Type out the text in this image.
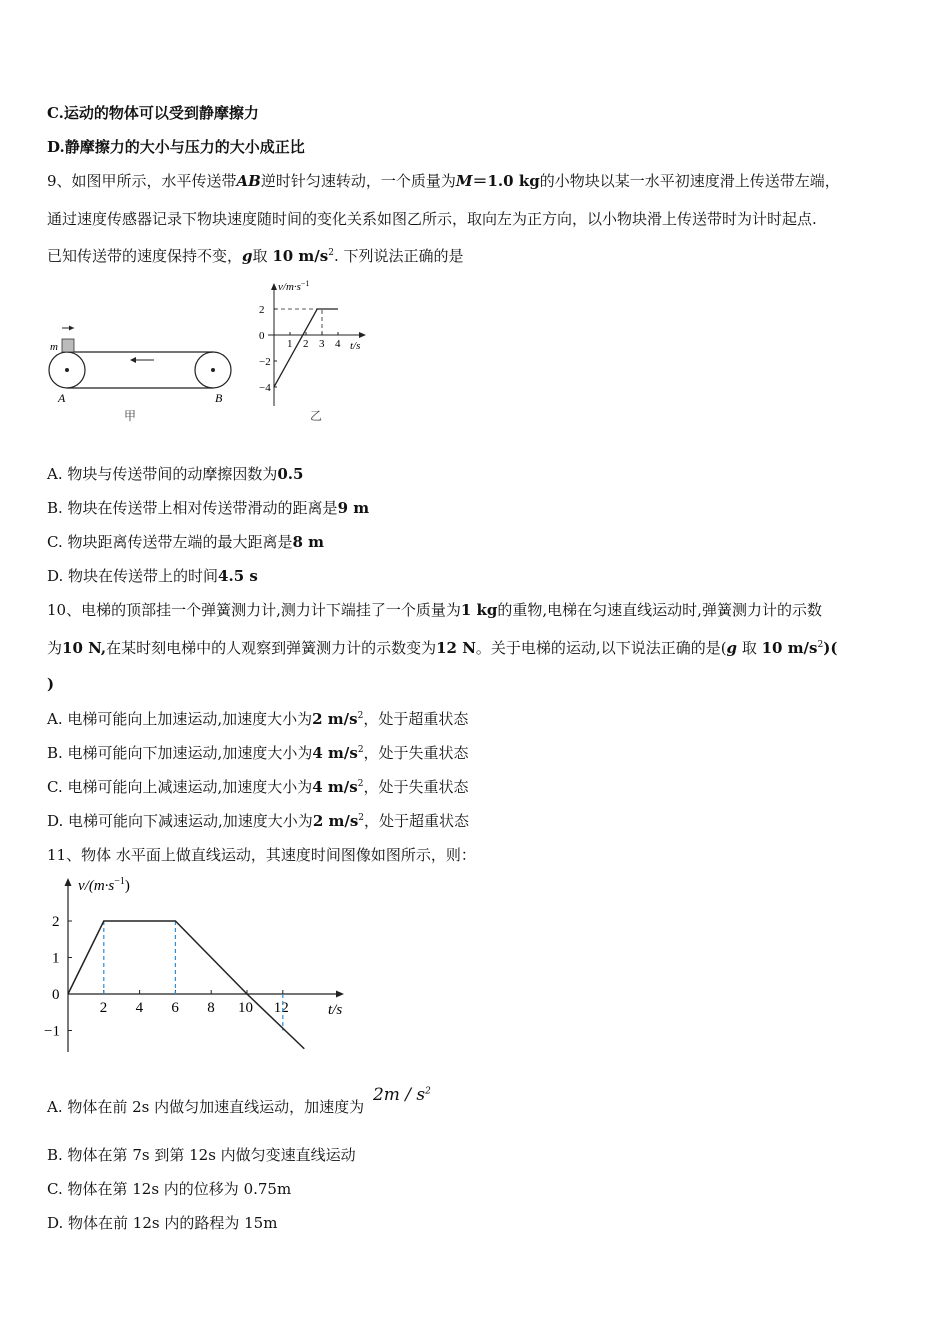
C.运动的物体可以受到静摩擦力
D.静摩擦力的大小与压力的大小成正比
9、如图甲所示，水平传送带AB逆时针匀速转动，一个质量为M＝1.0 kg的小物块以某一水平初速度滑上传送带左端，
通过速度传感器记录下物块速度随时间的变化关系如图乙所示，取向左为正方向，以小物块滑上传送带时为计时起点.
已知传送带的速度保持不变，g取 10 $m/s^2$. 下列说法正确的是
m
A	B
甲
$v/m\cdot s^{-1}$
t/s
1 2 3 4
−4
−2
0
2
乙
A. 物块与传送带间的动摩擦因数为0.5
B. 物块在传送带上相对传送带滑动的距离是9 m
C. 物块距离传送带左端的最大距离是8 m
D. 物块在传送带上的时间4.5 s
10、电梯的顶部挂一个弹簧测力计,测力计下端挂了一个质量为1 kg的重物,电梯在匀速直线运动时,弹簧测力计的示数
为10 N,在某时刻电梯中的人观察到弹簧测力计的示数变为12 N。关于电梯的运动,以下说法正确的是(g 取 10 $m/s^2$)(
)
A. 电梯可能向上加速运动,加速度大小为2 $m/s^2$，处于超重状态
B. 电梯可能向下加速运动,加速度大小为4 $m/s^2$，处于失重状态
C. 电梯可能向上减速运动,加速度大小为4 $m/s^2$，处于失重状态
D. 电梯可能向下减速运动,加速度大小为2 $m/s^2$，处于超重状态
11、物体 水平面上做直线运动，其速度时间图像如图所示，则：
$v/(m\cdot s^{-1})$
t/s
2 4 6 8 10 12
−1
0
1
2
A. 物体在前 2s 内做匀加速直线运动，加速度为 $2m / s^2$
B. 物体在第 7s 到第 12s 内做匀变速直线运动
C. 物体在第 12s 内的位移为 0.75m
D. 物体在前 12s 内的路程为 15m
